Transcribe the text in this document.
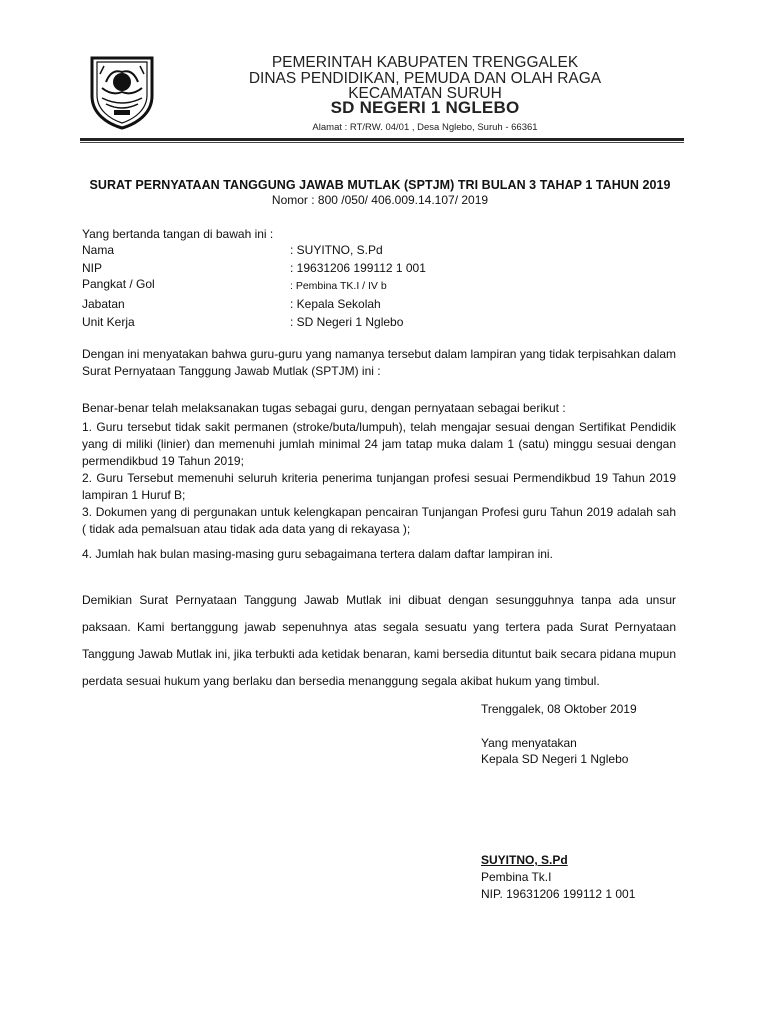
PEMERINTAH KABUPATEN TRENGGALEK
DINAS PENDIDIKAN, PEMUDA DAN OLAH RAGA
KECAMATAN SURUH
SD NEGERI 1 NGLEBO
Alamat : RT/RW. 04/01 , Desa Nglebo, Suruh - 66361
SURAT PERNYATAAN TANGGUNG JAWAB MUTLAK (SPTJM) TRI BULAN 3 TAHAP 1 TAHUN 2019
Nomor : 800 /050/ 406.009.14.107/ 2019
Yang bertanda tangan di bawah ini :
Nama	: SUYITNO, S.Pd
NIP	: 19631206 199112 1 001
Pangkat / Gol	: Pembina TK.I / IV b
Jabatan	: Kepala Sekolah
Unit Kerja	: SD Negeri 1 Nglebo
Dengan ini menyatakan bahwa guru-guru yang namanya tersebut dalam lampiran yang tidak terpisahkan dalam Surat Pernyataan Tanggung Jawab Mutlak (SPTJM) ini :
Benar-benar telah melaksanakan tugas sebagai guru, dengan pernyataan sebagai berikut :
1. Guru tersebut tidak sakit permanen (stroke/buta/lumpuh), telah mengajar sesuai dengan Sertifikat Pendidik yang di miliki (linier) dan memenuhi jumlah minimal 24 jam tatap muka dalam 1 (satu) minggu sesuai dengan permendikbud 19 Tahun 2019;
2. Guru Tersebut memenuhi seluruh kriteria penerima tunjangan profesi sesuai Permendikbud 19 Tahun 2019 lampiran 1 Huruf B;
3. Dokumen yang di pergunakan untuk kelengkapan pencairan Tunjangan Profesi guru Tahun 2019 adalah sah ( tidak ada pemalsuan atau tidak ada data yang di rekayasa );
4. Jumlah hak bulan masing-masing guru sebagaimana tertera dalam daftar lampiran ini.
Demikian Surat Pernyataan Tanggung Jawab Mutlak ini dibuat dengan sesungguhnya tanpa ada unsur paksaan. Kami bertanggung jawab sepenuhnya atas segala sesuatu yang tertera pada Surat Pernyataan Tanggung Jawab Mutlak ini, jika terbukti ada ketidak benaran, kami bersedia dituntut baik secara pidana mupun perdata sesuai hukum yang berlaku dan bersedia menanggung segala akibat hukum yang timbul.
Trenggalek, 08 Oktober 2019
Yang menyatakan
Kepala SD Negeri 1 Nglebo
SUYITNO, S.Pd
Pembina Tk.I
NIP. 19631206 199112 1 001
